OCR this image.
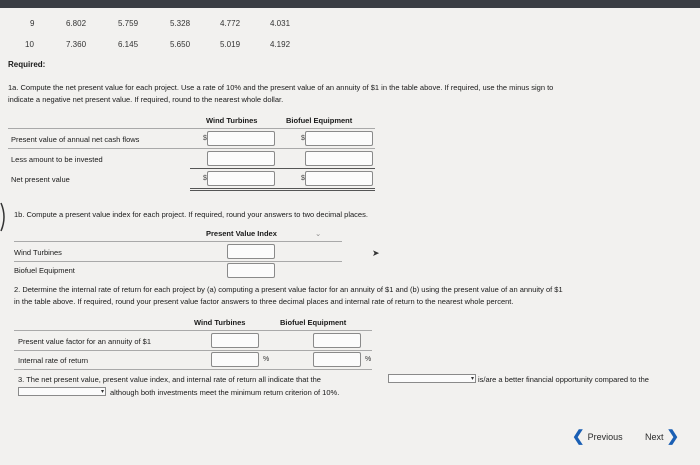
9	6.802	5.759	5.328	4.772	4.031
10	7.360	6.145	5.650	5.019	4.192
Required:
1a. Compute the net present value for each project. Use a rate of 10% and the present value of an annuity of $1 in the table above. If required, use the minus sign to
indicate a negative net present value. If required, round to the nearest whole dollar.
Wind Turbines	Biofuel Equipment
Present value of annual net cash flows	$	$
Less amount to be invested
Net present value	$	$
1b. Compute a present value index for each project. If required, round your answers to two decimal places.
Present Value Index	⌄
Wind Turbines	➤
Biofuel Equipment
2. Determine the internal rate of return for each project by (a) computing a present value factor for an annuity of $1 and (b) using the present value of an annuity of $1
in the table above. If required, round your present value factor answers to three decimal places and internal rate of return to the nearest whole percent.
Wind Turbines	Biofuel Equipment
Present value factor for an annuity of $1
Internal rate of return	%	%
3. The net present value, present value index, and internal rate of return all indicate that the	▾ is/are a better financial opportunity compared to the
▾ although both investments meet the minimum return criterion of 10%.
❮ Previous Next ❯
